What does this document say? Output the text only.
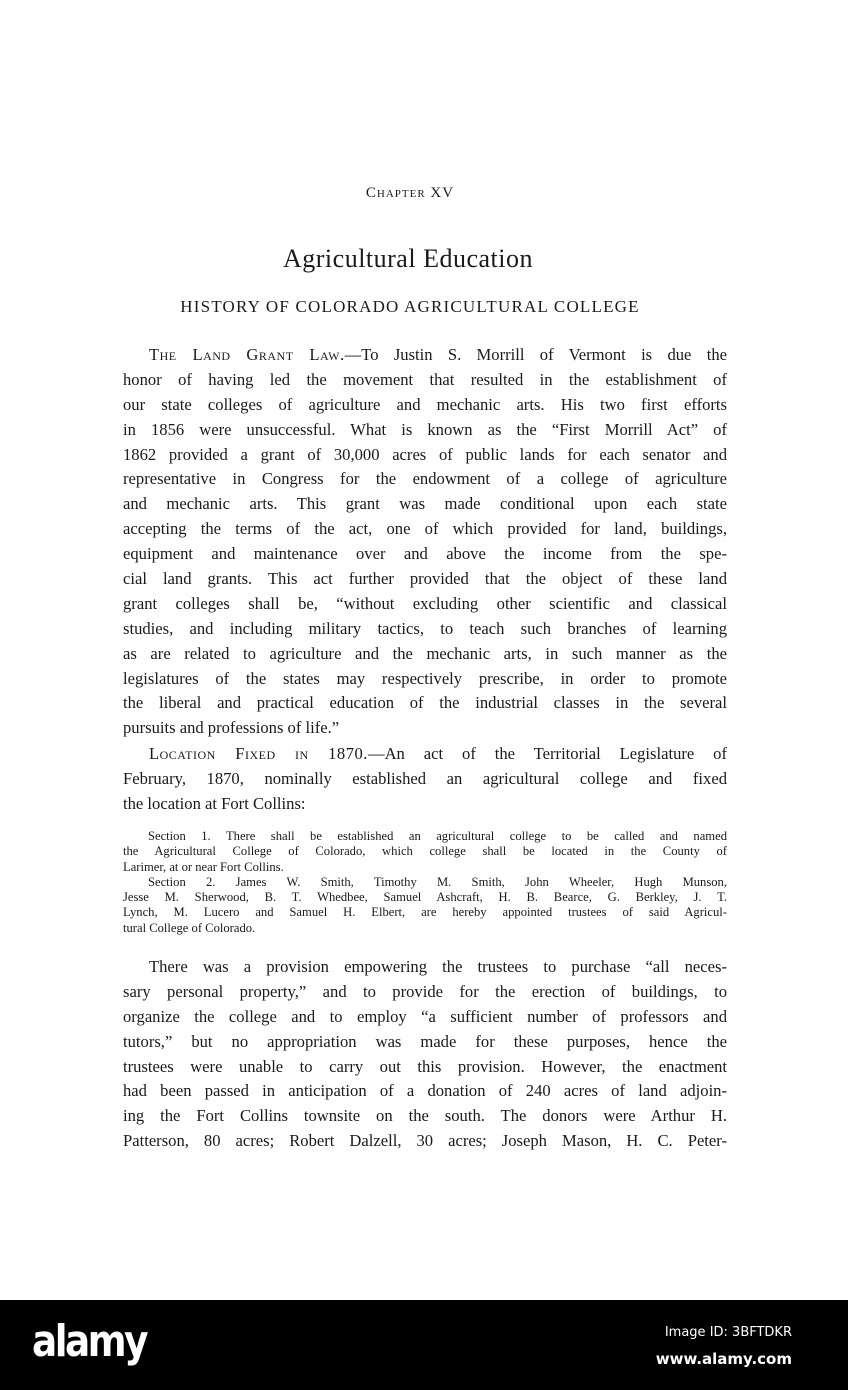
Chapter XV
Agricultural Education
HISTORY OF COLORADO AGRICULTURAL COLLEGE
The Land Grant Law.—To Justin S. Morrill of Vermont is due the
honor of having led the movement that resulted in the establishment of
our state colleges of agriculture and mechanic arts. His two first efforts
in 1856 were unsuccessful. What is known as the “First Morrill Act” of
1862 provided a grant of 30,000 acres of public lands for each senator and
representative in Congress for the endowment of a college of agriculture
and mechanic arts. This grant was made conditional upon each state
accepting the terms of the act, one of which provided for land, buildings,
equipment and maintenance over and above the income from the spe-
cial land grants. This act further provided that the object of these land
grant colleges shall be, “without excluding other scientific and classical
studies, and including military tactics, to teach such branches of learning
as are related to agriculture and the mechanic arts, in such manner as the
legislatures of the states may respectively prescribe, in order to promote
the liberal and practical education of the industrial classes in the several
pursuits and professions of life.”
Location Fixed in 1870.—An act of the Territorial Legislature of
February, 1870, nominally established an agricultural college and fixed
the location at Fort Collins:
Section 1. There shall be established an agricultural college to be called and named
the Agricultural College of Colorado, which college shall be located in the County of
Larimer, at or near Fort Collins.
Section 2. James W. Smith, Timothy M. Smith, John Wheeler, Hugh Munson,
Jesse M. Sherwood, B. T. Whedbee, Samuel Ashcraft, H. B. Bearce, G. Berkley, J. T.
Lynch, M. Lucero and Samuel H. Elbert, are hereby appointed trustees of said Agricul-
tural College of Colorado.
There was a provision empowering the trustees to purchase “all neces-
sary personal property,” and to provide for the erection of buildings, to
organize the college and to employ “a sufficient number of professors and
tutors,” but no appropriation was made for these purposes, hence the
trustees were unable to carry out this provision. However, the enactment
had been passed in anticipation of a donation of 240 acres of land adjoin-
ing the Fort Collins townsite on the south. The donors were Arthur H.
Patterson, 80 acres; Robert Dalzell, 30 acres; Joseph Mason, H. C. Peter-
alamy	Image ID: 3BFTDKR
www.alamy.com
